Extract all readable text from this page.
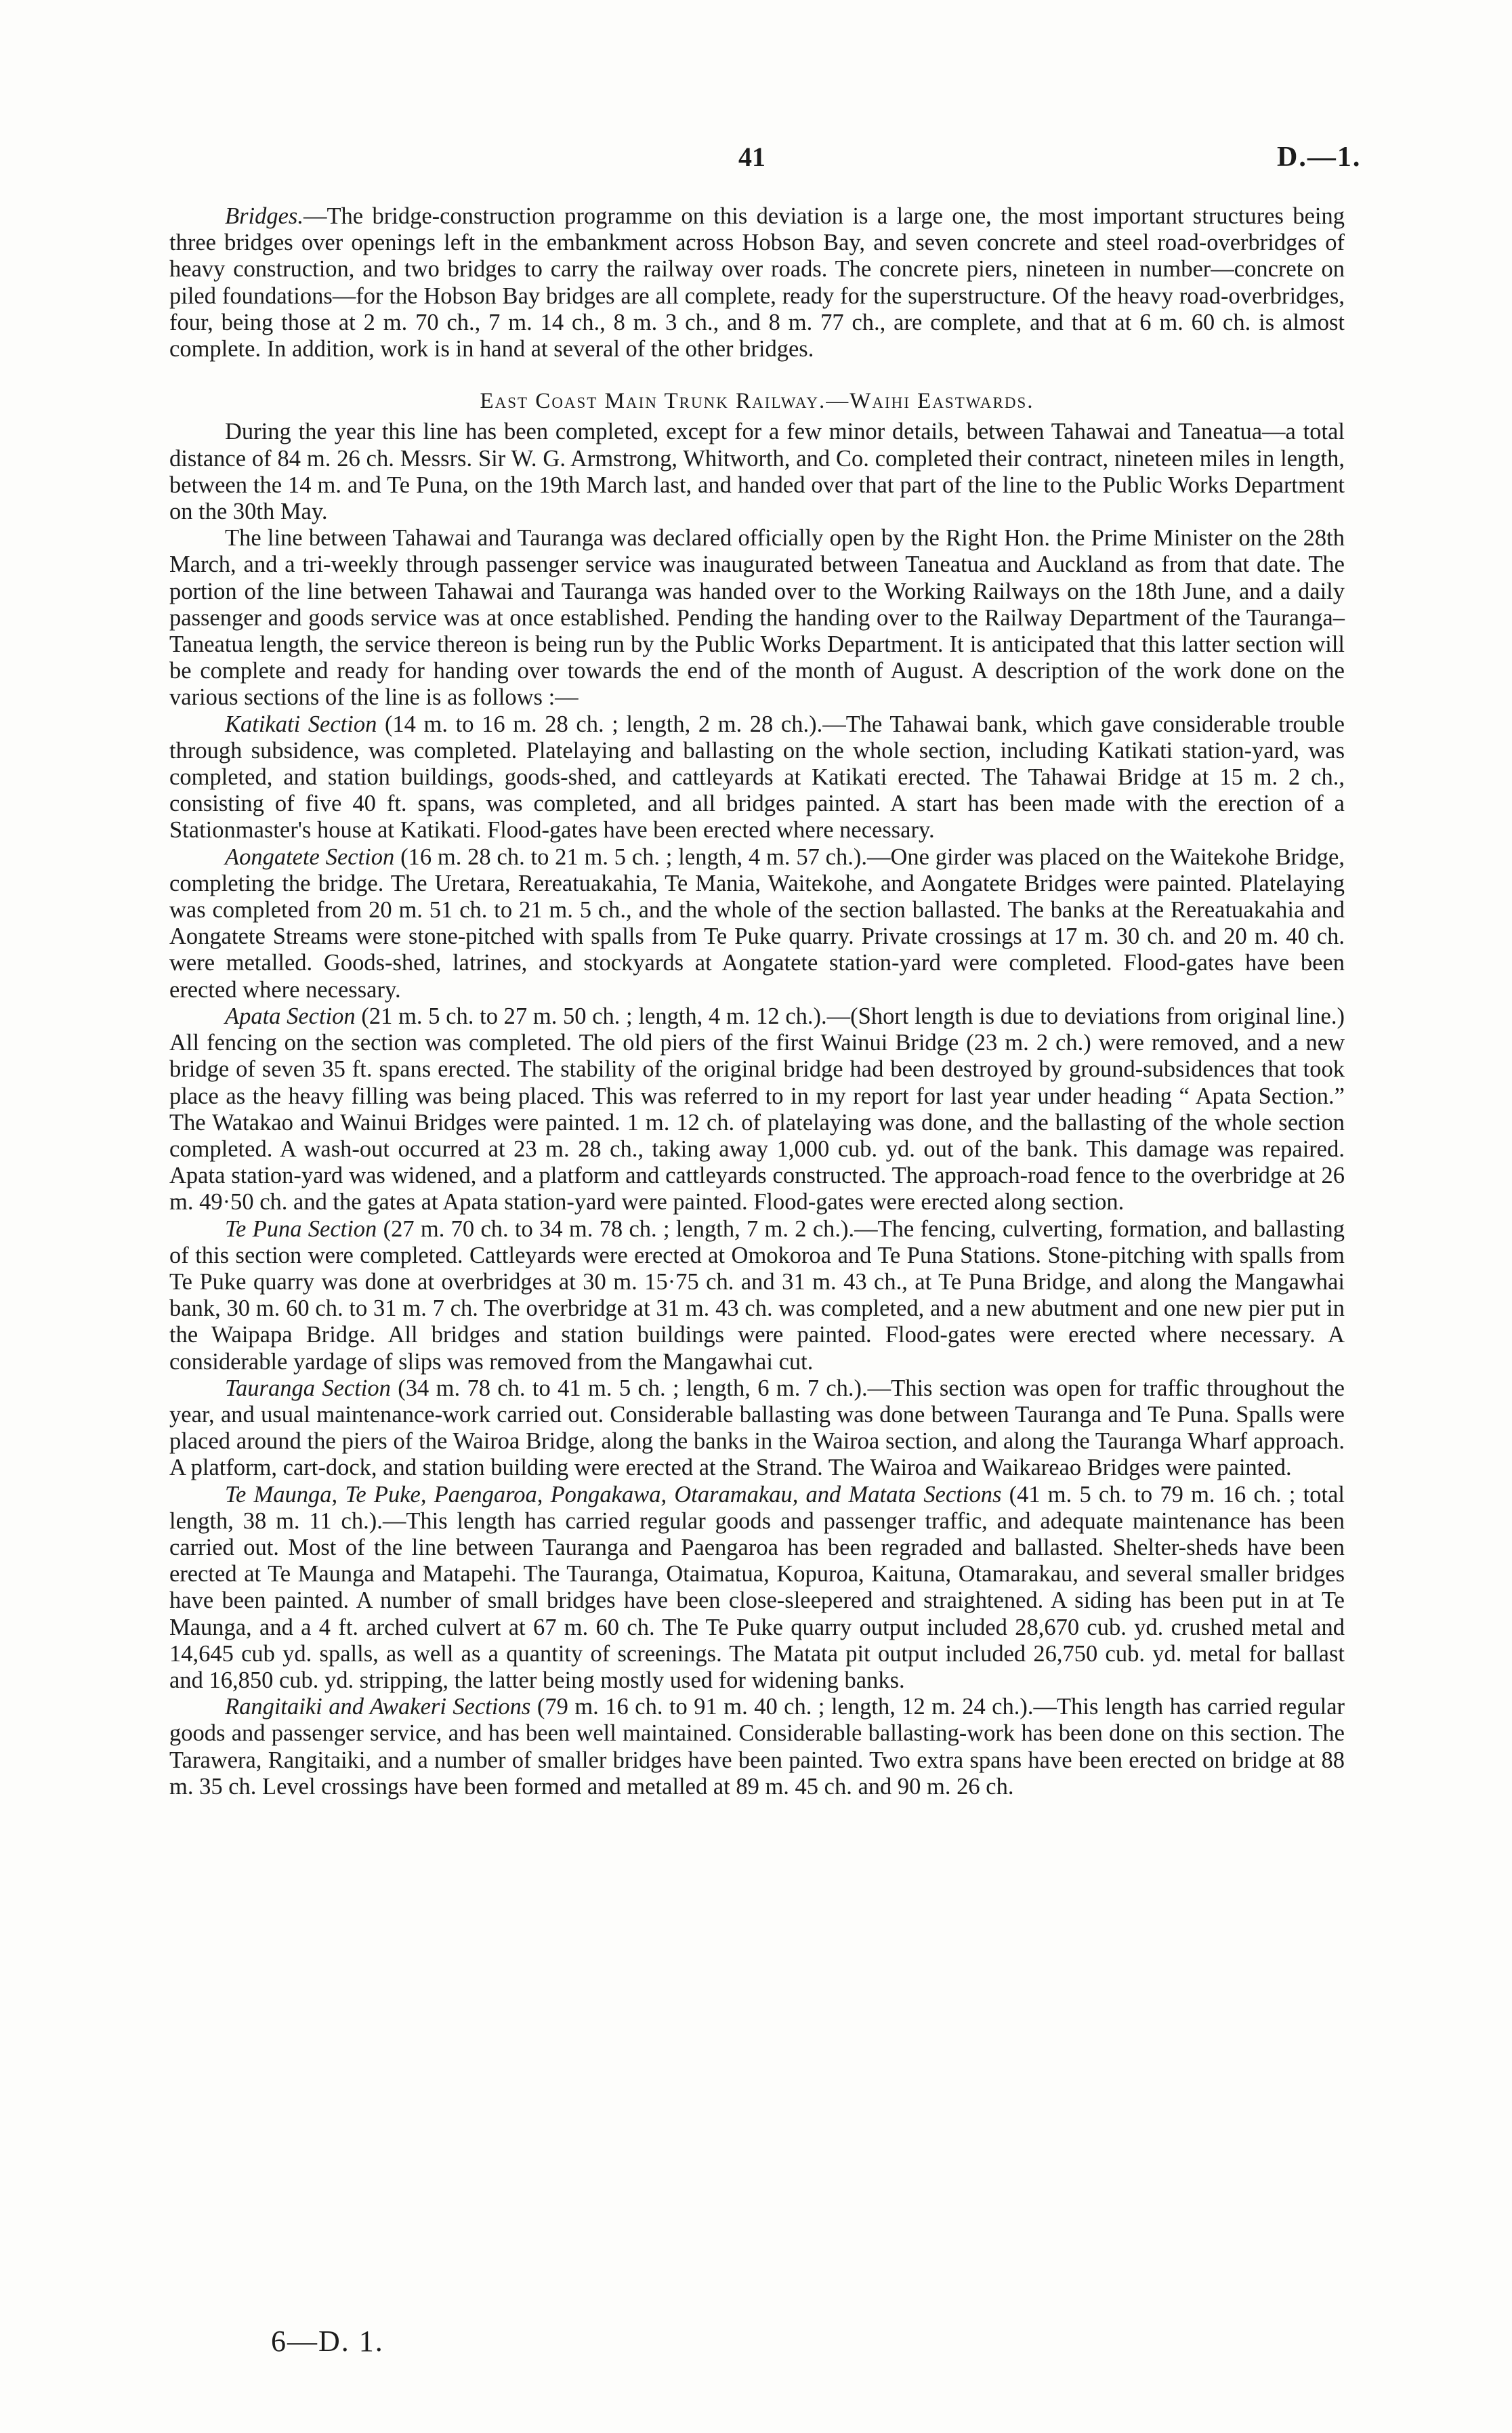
41	D.—1.

Bridges.—The bridge-construction programme on this deviation is a large one, the most important structures being three bridges over openings left in the embankment across Hobson Bay, and seven concrete and steel road-overbridges of heavy construction, and two bridges to carry the railway over roads. The concrete piers, nineteen in number—concrete on piled foundations—for the Hobson Bay bridges are all complete, ready for the superstructure. Of the heavy road-overbridges, four, being those at 2 m. 70 ch., 7 m. 14 ch., 8 m. 3 ch., and 8 m. 77 ch., are complete, and that at 6 m. 60 ch. is almost complete. In addition, work is in hand at several of the other bridges.

East Coast Main Trunk Railway.—Waihi Eastwards.

During the year this line has been completed, except for a few minor details, between Tahawai and Taneatua—a total distance of 84 m. 26 ch. Messrs. Sir W. G. Armstrong, Whitworth, and Co. completed their contract, nineteen miles in length, between the 14 m. and Te Puna, on the 19th March last, and handed over that part of the line to the Public Works Department on the 30th May.

The line between Tahawai and Tauranga was declared officially open by the Right Hon. the Prime Minister on the 28th March, and a tri-weekly through passenger service was inaugurated between Taneatua and Auckland as from that date. The portion of the line between Tahawai and Tauranga was handed over to the Working Railways on the 18th June, and a daily passenger and goods service was at once established. Pending the handing over to the Railway Department of the Tauranga–Taneatua length, the service thereon is being run by the Public Works Department. It is anticipated that this latter section will be complete and ready for handing over towards the end of the month of August. A description of the work done on the various sections of the line is as follows :—

Katikati Section (14 m. to 16 m. 28 ch. ; length, 2 m. 28 ch.).—The Tahawai bank, which gave considerable trouble through subsidence, was completed. Platelaying and ballasting on the whole section, including Katikati station-yard, was completed, and station buildings, goods-shed, and cattleyards at Katikati erected. The Tahawai Bridge at 15 m. 2 ch., consisting of five 40 ft. spans, was completed, and all bridges painted. A start has been made with the erection of a Stationmaster's house at Katikati. Flood-gates have been erected where necessary.

Aongatete Section (16 m. 28 ch. to 21 m. 5 ch. ; length, 4 m. 57 ch.).—One girder was placed on the Waitekohe Bridge, completing the bridge. The Uretara, Rereatuakahia, Te Mania, Waitekohe, and Aongatete Bridges were painted. Platelaying was completed from 20 m. 51 ch. to 21 m. 5 ch., and the whole of the section ballasted. The banks at the Rereatuakahia and Aongatete Streams were stone-pitched with spalls from Te Puke quarry. Private crossings at 17 m. 30 ch. and 20 m. 40 ch. were metalled. Goods-shed, latrines, and stockyards at Aongatete station-yard were completed. Flood-gates have been erected where necessary.

Apata Section (21 m. 5 ch. to 27 m. 50 ch. ; length, 4 m. 12 ch.).—(Short length is due to deviations from original line.) All fencing on the section was completed. The old piers of the first Wainui Bridge (23 m. 2 ch.) were removed, and a new bridge of seven 35 ft. spans erected. The stability of the original bridge had been destroyed by ground-subsidences that took place as the heavy filling was being placed. This was referred to in my report for last year under heading “ Apata Section.” The Watakao and Wainui Bridges were painted. 1 m. 12 ch. of platelaying was done, and the ballasting of the whole section completed. A wash-out occurred at 23 m. 28 ch., taking away 1,000 cub. yd. out of the bank. This damage was repaired. Apata station-yard was widened, and a platform and cattleyards constructed. The approach-road fence to the overbridge at 26 m. 49·50 ch. and the gates at Apata station-yard were painted. Flood-gates were erected along section.

Te Puna Section (27 m. 70 ch. to 34 m. 78 ch. ; length, 7 m. 2 ch.).—The fencing, culverting, formation, and ballasting of this section were completed. Cattleyards were erected at Omokoroa and Te Puna Stations. Stone-pitching with spalls from Te Puke quarry was done at overbridges at 30 m. 15·75 ch. and 31 m. 43 ch., at Te Puna Bridge, and along the Mangawhai bank, 30 m. 60 ch. to 31 m. 7 ch. The overbridge at 31 m. 43 ch. was completed, and a new abutment and one new pier put in the Waipapa Bridge. All bridges and station buildings were painted. Flood-gates were erected where necessary. A considerable yardage of slips was removed from the Mangawhai cut.

Tauranga Section (34 m. 78 ch. to 41 m. 5 ch. ; length, 6 m. 7 ch.).—This section was open for traffic throughout the year, and usual maintenance-work carried out. Considerable ballasting was done between Tauranga and Te Puna. Spalls were placed around the piers of the Wairoa Bridge, along the banks in the Wairoa section, and along the Tauranga Wharf approach. A platform, cart-dock, and station building were erected at the Strand. The Wairoa and Waikareao Bridges were painted.

Te Maunga, Te Puke, Paengaroa, Pongakawa, Otaramakau, and Matata Sections (41 m. 5 ch. to 79 m. 16 ch. ; total length, 38 m. 11 ch.).—This length has carried regular goods and passenger traffic, and adequate maintenance has been carried out. Most of the line between Tauranga and Paengaroa has been regraded and ballasted. Shelter-sheds have been erected at Te Maunga and Matapehi. The Tauranga, Otaimatua, Kopuroa, Kaituna, Otamarakau, and several smaller bridges have been painted. A number of small bridges have been close-sleepered and straightened. A siding has been put in at Te Maunga, and a 4 ft. arched culvert at 67 m. 60 ch. The Te Puke quarry output included 28,670 cub. yd. crushed metal and 14,645 cub yd. spalls, as well as a quantity of screenings. The Matata pit output included 26,750 cub. yd. metal for ballast and 16,850 cub. yd. stripping, the latter being mostly used for widening banks.

Rangitaiki and Awakeri Sections (79 m. 16 ch. to 91 m. 40 ch. ; length, 12 m. 24 ch.).—This length has carried regular goods and passenger service, and has been well maintained. Considerable ballasting-work has been done on this section. The Tarawera, Rangitaiki, and a number of smaller bridges have been painted. Two extra spans have been erected on bridge at 88 m. 35 ch. Level crossings have been formed and metalled at 89 m. 45 ch. and 90 m. 26 ch.

6—D. 1.
